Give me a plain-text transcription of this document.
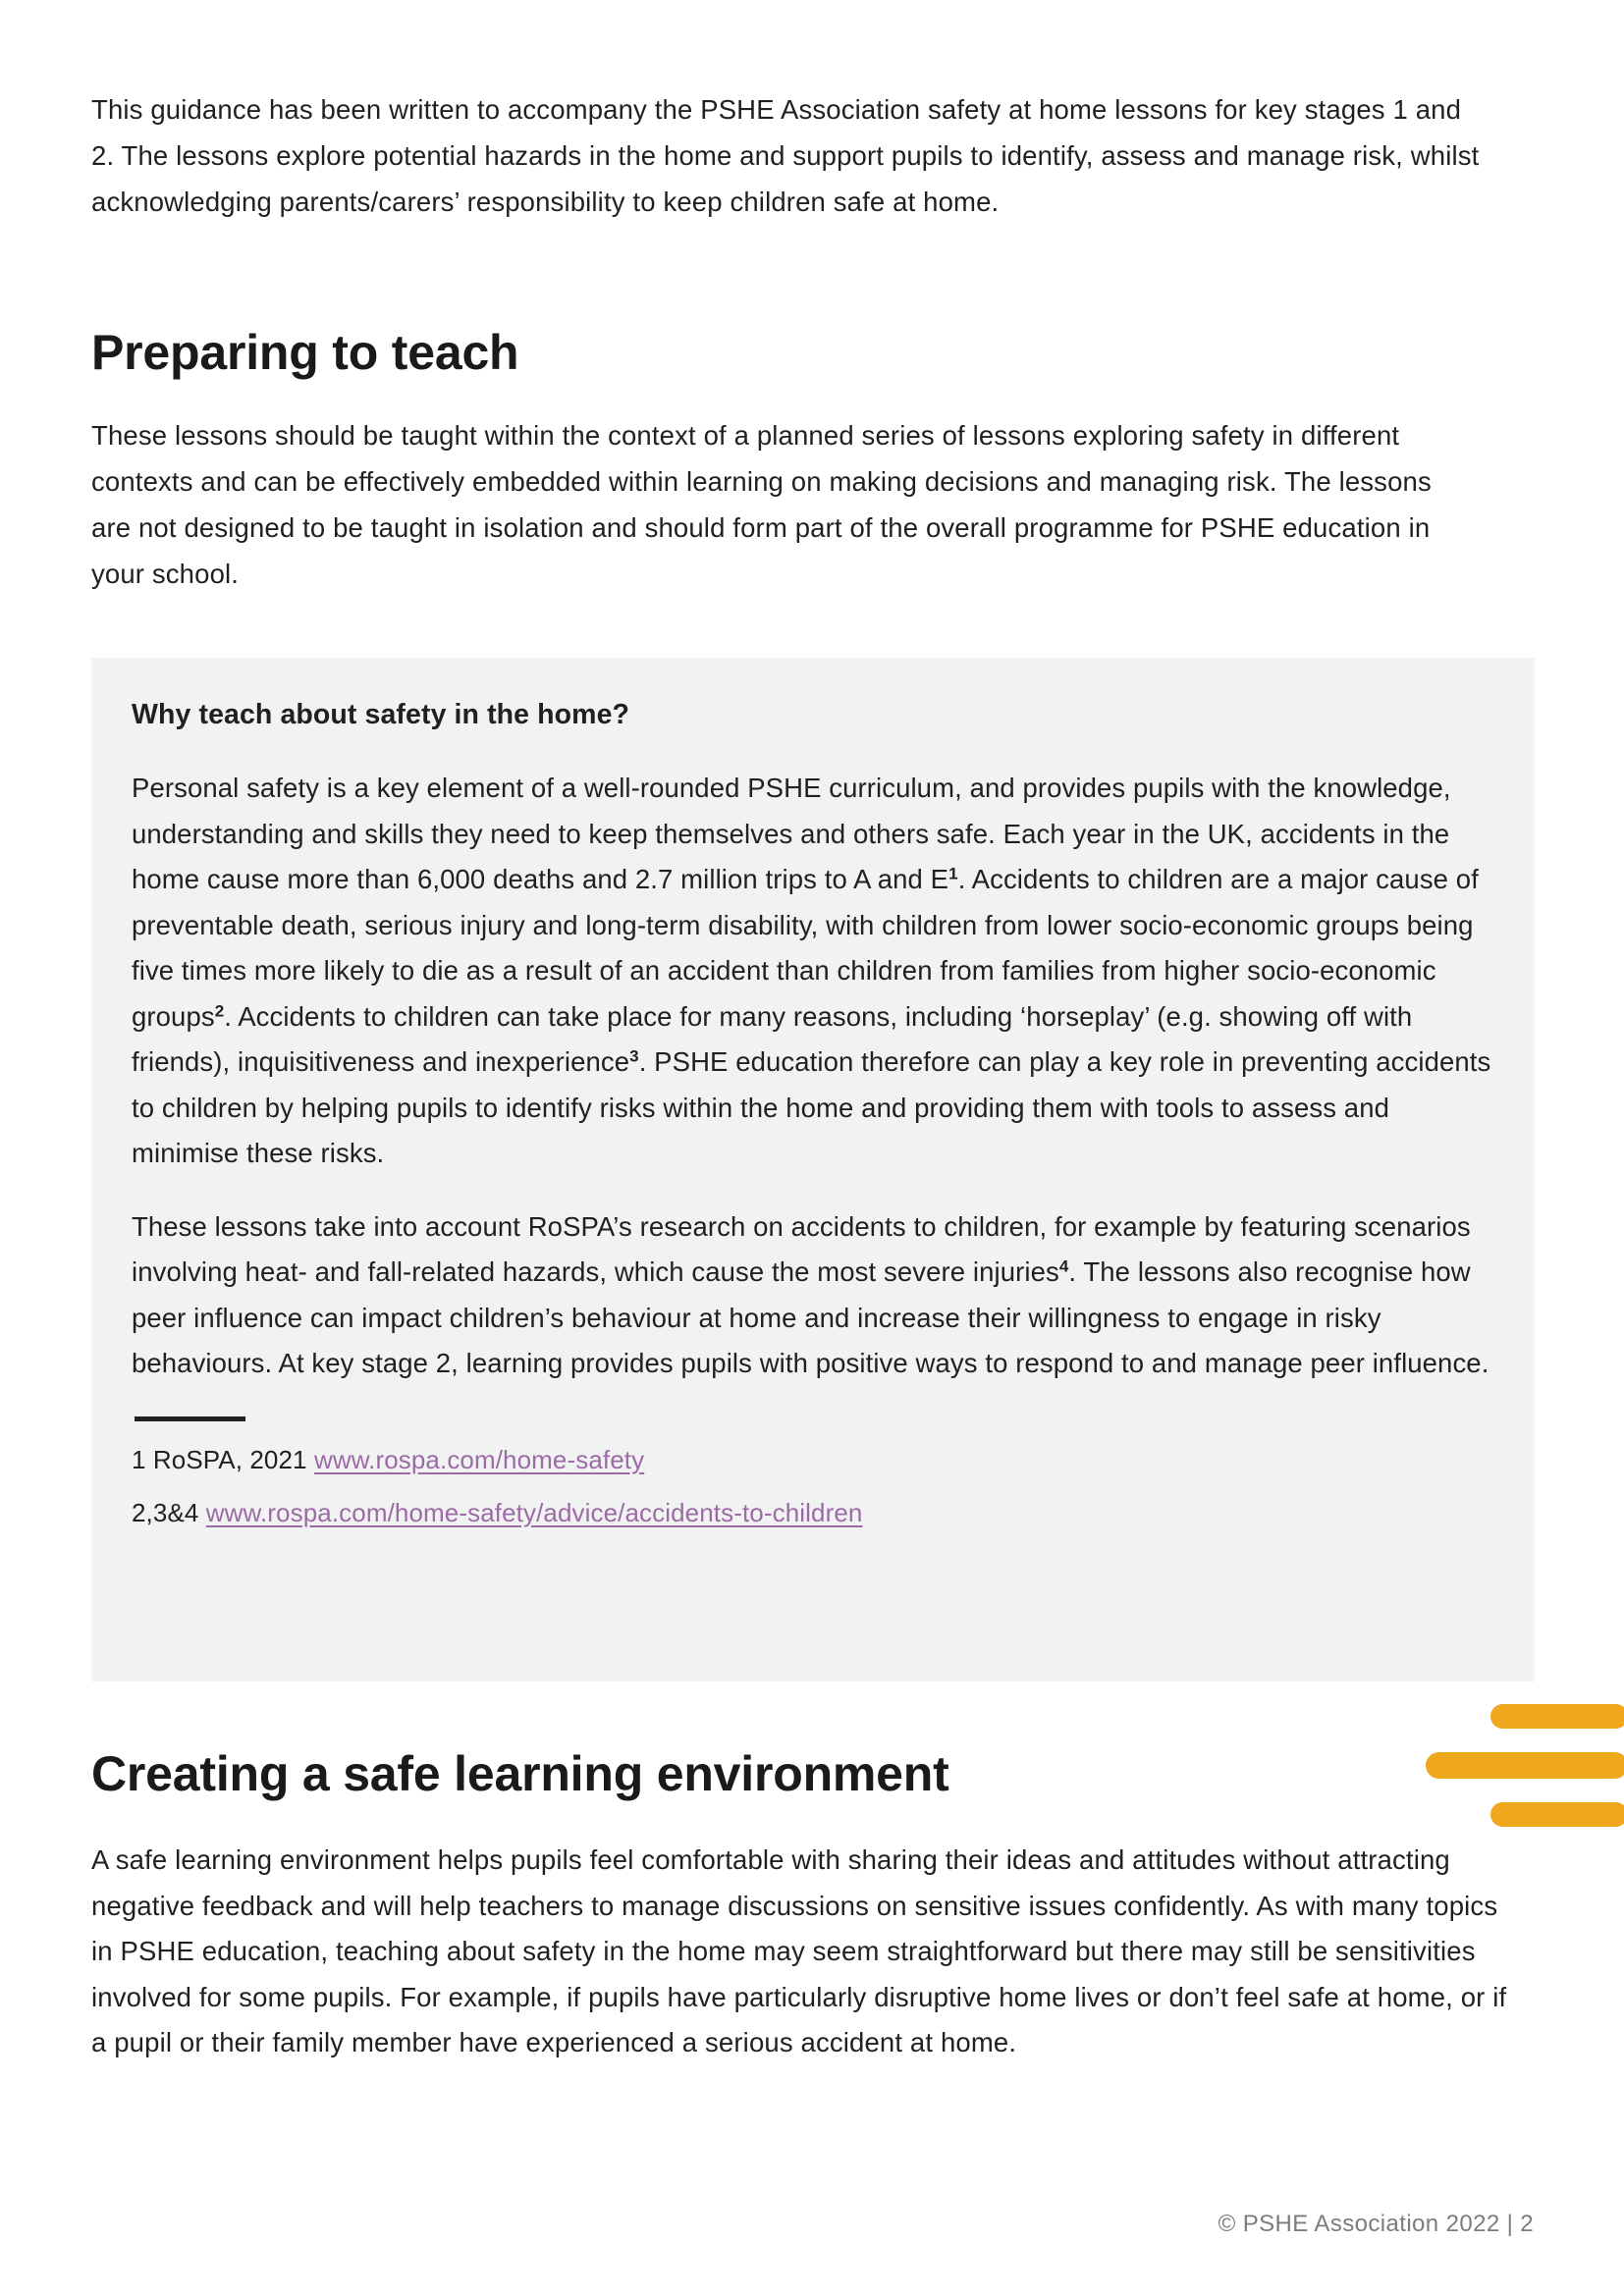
This guidance has been written to accompany the PSHE Association safety at home lessons for key stages 1 and 2. The lessons explore potential hazards in the home and support pupils to identify, assess and manage risk, whilst acknowledging parents/carers’ responsibility to keep children safe at home.

Preparing to teach

These lessons should be taught within the context of a planned series of lessons exploring safety in different contexts and can be effectively embedded within learning on making decisions and managing risk. The lessons are not designed to be taught in isolation and should form part of the overall programme for PSHE education in your school.

Why teach about safety in the home?

Personal safety is a key element of a well-rounded PSHE curriculum, and provides pupils with the knowledge, understanding and skills they need to keep themselves and others safe. Each year in the UK, accidents in the home cause more than 6,000 deaths and 2.7 million trips to A and $E^1$. Accidents to children are a major cause of preventable death, serious injury and long-term disability, with children from lower socio-economic groups being five times more likely to die as a result of an accident than children from families from higher socio-economic groups$^2$. Accidents to children can take place for many reasons, including ‘horseplay’ (e.g. showing off with friends), inquisitiveness and inexperience$^3$. PSHE education therefore can play a key role in preventing accidents to children by helping pupils to identify risks within the home and providing them with tools to assess and minimise these risks.

These lessons take into account RoSPA’s research on accidents to children, for example by featuring scenarios involving heat- and fall-related hazards, which cause the most severe injuries$^4$. The lessons also recognise how peer influence can impact children’s behaviour at home and increase their willingness to engage in risky behaviours. At key stage 2, learning provides pupils with positive ways to respond to and manage peer influence.

1 RoSPA, 2021 www.rospa.com/home-safety

2,3&4 www.rospa.com/home-safety/advice/accidents-to-children

Creating a safe learning environment

A safe learning environment helps pupils feel comfortable with sharing their ideas and attitudes without attracting negative feedback and will help teachers to manage discussions on sensitive issues confidently. As with many topics in PSHE education, teaching about safety in the home may seem straightforward but there may still be sensitivities involved for some pupils. For example, if pupils have particularly disruptive home lives or don’t feel safe at home, or if a pupil or their family member have experienced a serious accident at home.

© PSHE Association 2022 | 2
